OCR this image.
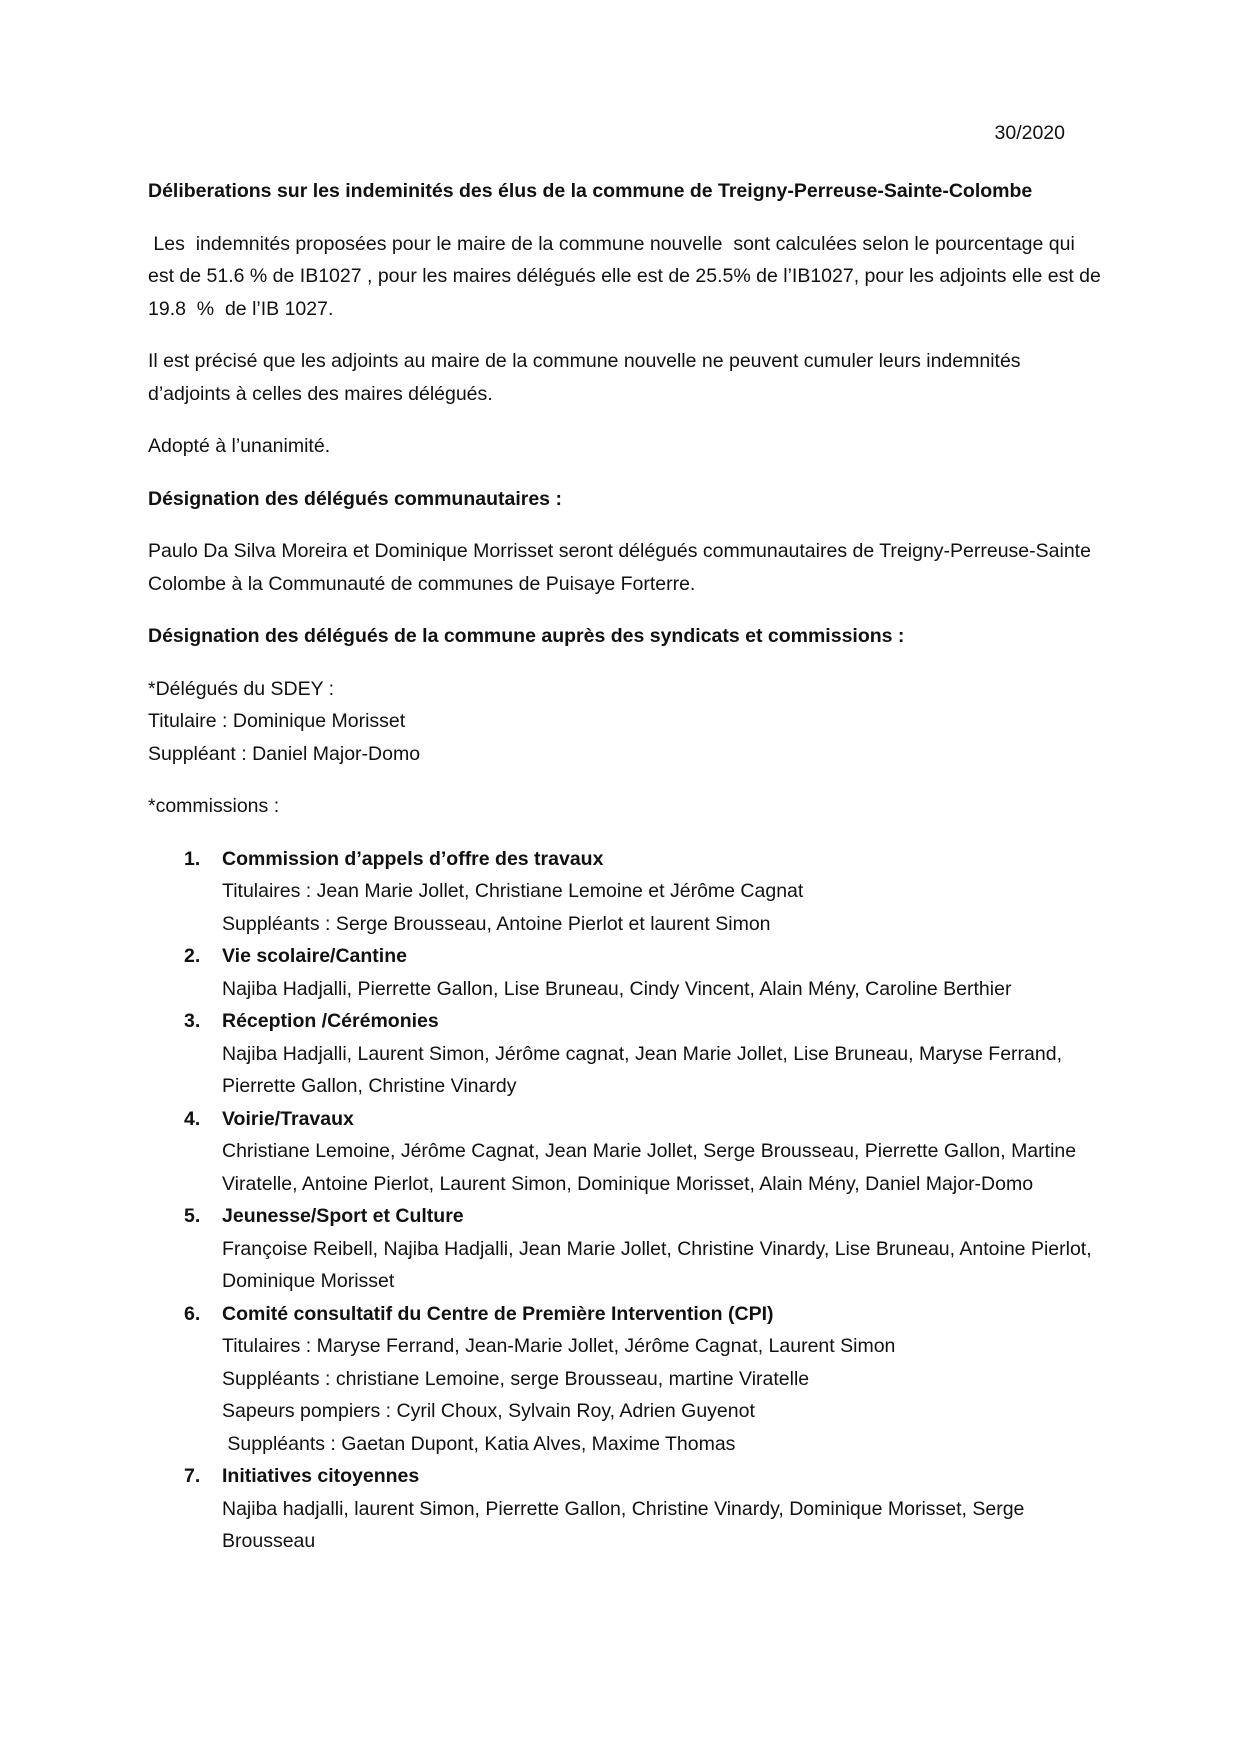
30/2020

Déliberations sur les indeminités des élus de la commune de Treigny-Perreuse-Sainte-Colombe

Les  indemnités proposées pour le maire de la commune nouvelle  sont calculées selon le pourcentage qui est de 51.6 % de IB1027 , pour les maires délégués elle est de 25.5% de l’IB1027, pour les adjoints elle est de 19.8  %  de l’IB 1027.

Il est précisé que les adjoints au maire de la commune nouvelle ne peuvent cumuler leurs indemnités d’adjoints à celles des maires délégués.

Adopté à l’unanimité.

Désignation des délégués communautaires :

Paulo Da Silva Moreira et Dominique Morrisset seront délégués communautaires de Treigny-Perreuse-Sainte Colombe à la Communauté de communes de Puisaye Forterre.

Désignation des délégués de la commune auprès des syndicats et commissions :

*Délégués du SDEY :
Titulaire : Dominique Morisset
Suppléant : Daniel Major-Domo

*commissions :

1. Commission d’appels d’offre des travaux
Titulaires : Jean Marie Jollet, Christiane Lemoine et Jérôme Cagnat
Suppléants : Serge Brousseau, Antoine Pierlot et laurent Simon
2. Vie scolaire/Cantine
Najiba Hadjalli, Pierrette Gallon, Lise Bruneau, Cindy Vincent, Alain Mény, Caroline Berthier
3. Réception /Cérémonies
Najiba Hadjalli, Laurent Simon, Jérôme cagnat, Jean Marie Jollet, Lise Bruneau, Maryse Ferrand, Pierrette Gallon, Christine Vinardy
4. Voirie/Travaux
Christiane Lemoine, Jérôme Cagnat, Jean Marie Jollet, Serge Brousseau, Pierrette Gallon, Martine Viratelle, Antoine Pierlot, Laurent Simon, Dominique Morisset, Alain Mény, Daniel Major-Domo
5. Jeunesse/Sport et Culture
Françoise Reibell, Najiba Hadjalli, Jean Marie Jollet, Christine Vinardy, Lise Bruneau, Antoine Pierlot, Dominique Morisset
6. Comité consultatif du Centre de Première Intervention (CPI)
Titulaires : Maryse Ferrand, Jean-Marie Jollet, Jérôme Cagnat, Laurent Simon
Suppléants : christiane Lemoine, serge Brousseau, martine Viratelle
Sapeurs pompiers : Cyril Choux, Sylvain Roy, Adrien Guyenot
Suppléants : Gaetan Dupont, Katia Alves, Maxime Thomas
7. Initiatives citoyennes
Najiba hadjalli, laurent Simon, Pierrette Gallon, Christine Vinardy, Dominique Morisset, Serge Brousseau
